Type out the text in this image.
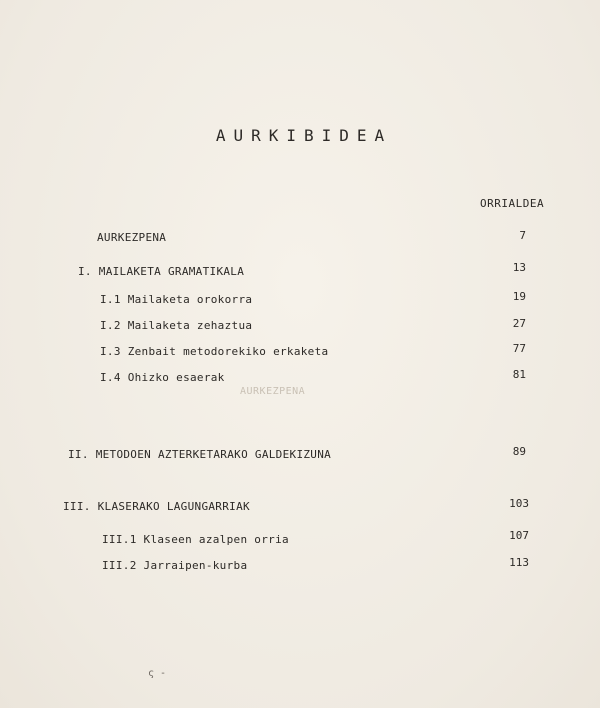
AURKIBIDEA
ORRIALDEA
AURKEZPENA	7
I. MAILAKETA GRAMATIKALA	13
I.1 Mailaketa orokorra	19
I.2 Mailaketa zehaztua	27
I.3 Zenbait metodorekiko erkaketa	77
I.4 Ohizko esaerak	81
AURKEZPENA
II. METODOEN AZTERKETARAKO GALDEKIZUNA	89
III. KLASERAKO LAGUNGARRIAK	103
III.1 Klaseen azalpen orria	107
III.2 Jarraipen-kurba	113
ς -
